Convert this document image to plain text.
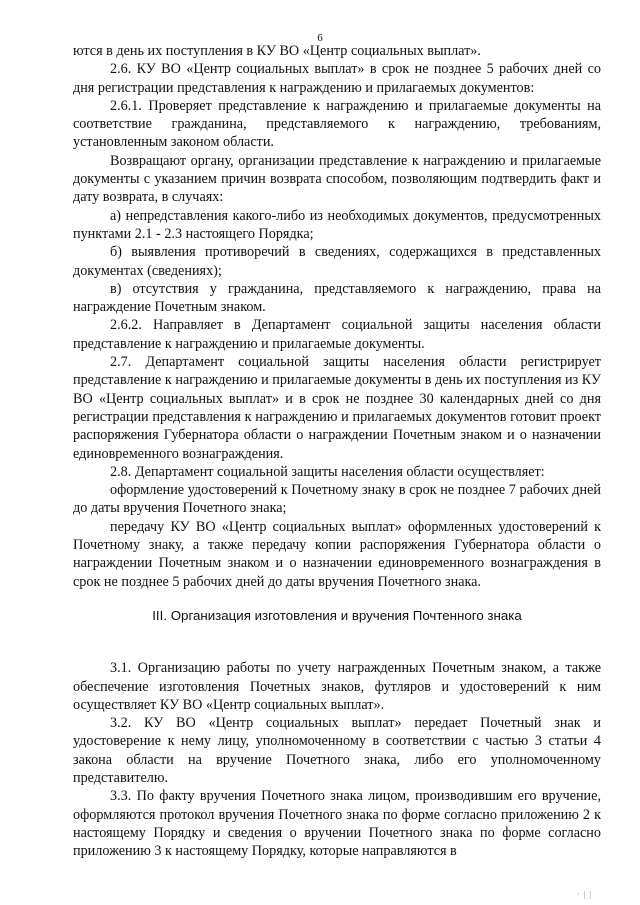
6

ются в день их поступления в КУ ВО «Центр социальных выплат».

2.6. КУ ВО «Центр социальных выплат» в срок не позднее 5 рабочих дней со дня регистрации представления к награждению и прилагаемых документов:

2.6.1. Проверяет представление к награждению и прилагаемые документы на соответствие гражданина, представляемого к награждению, требованиям, установленным законом области.

Возвращают органу, организации представление к награждению и прилагаемые документы с указанием причин возврата способом, позволяющим подтвердить факт и дату возврата, в случаях:

а) непредставления какого-либо из необходимых документов, предусмотренных пунктами 2.1 - 2.3 настоящего Порядка;

б) выявления противоречий в сведениях, содержащихся в представленных документах (сведениях);

в) отсутствия у гражданина, представляемого к награждению, права на награждение Почетным знаком.

2.6.2. Направляет в Департамент социальной защиты населения области представление к награждению и прилагаемые документы.

2.7. Департамент социальной защиты населения области регистрирует представление к награждению и прилагаемые документы в день их поступления из КУ ВО «Центр социальных выплат» и в срок не позднее 30 календарных дней со дня регистрации представления к награждению и прилагаемых документов готовит проект распоряжения Губернатора области о награждении Почетным знаком и о назначении единовременного вознаграждения.

2.8. Департамент социальной защиты населения области осуществляет:

оформление удостоверений к Почетному знаку в срок не позднее 7 рабочих дней до даты вручения Почетного знака;

передачу КУ ВО «Центр социальных выплат» оформленных удостоверений к Почетному знаку, а также передачу копии распоряжения Губернатора области о награждении Почетным знаком и о назначении единовременного вознаграждения в срок не позднее 5 рабочих дней до даты вручения Почетного знака.

III. Организация изготовления и вручения Почтенного знака

3.1. Организацию работы по учету награжденных Почетным знаком, а также обеспечение изготовления Почетных знаков, футляров и удостоверений к ним осуществляет КУ ВО «Центр социальных выплат».

3.2. КУ ВО «Центр социальных выплат» передает Почетный знак и удостоверение к нему лицу, уполномоченному в соответствии с частью 3 статьи 4 закона области на вручение Почетного знака, либо его уполномоченному представителю.

3.3. По факту вручения Почетного знака лицом, производившим его вручение, оформляются протокол вручения Почетного знака по форме согласно приложению 2 к настоящему Порядку и сведения о вручении Почетного знака по форме согласно приложению 3 к настоящему Порядку, которые направляются в

· | |
